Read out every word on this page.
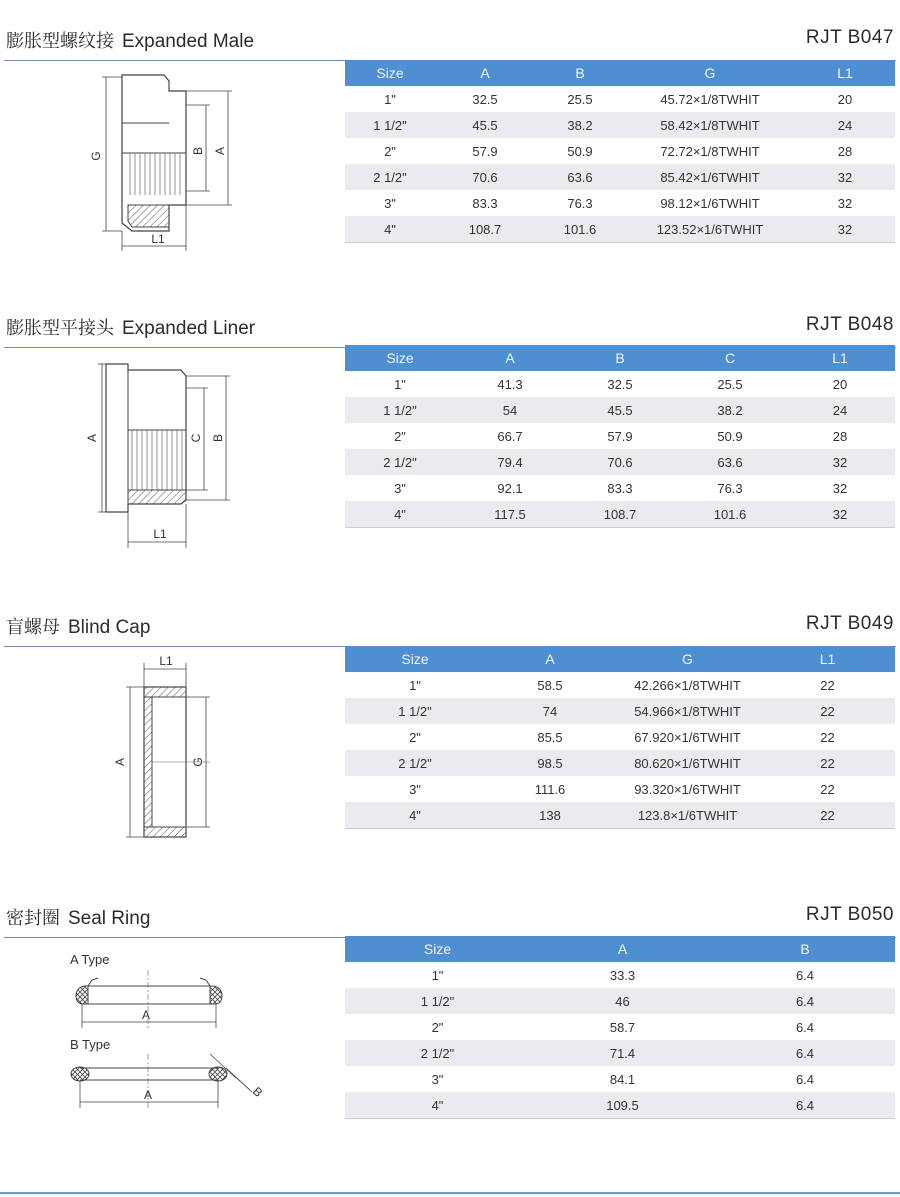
膨胀型螺纹接 Expanded Male	RJT B047
G
B A
L1
Size	A	B	G	L1
1"	32.5	25.5	45.72×1/8TWHIT	20
1 1/2"	45.5	38.2	58.42×1/8TWHIT	24
2"	57.9	50.9	72.72×1/8TWHIT	28
2 1/2"	70.6	63.6	85.42×1/6TWHIT	32
3"	83.3	76.3	98.12×1/6TWHIT	32
4"	108.7	101.6	123.52×1/6TWHIT	32
膨胀型平接头 Expanded Liner	RJT B048
A	C B
L1
Size	A	B	C	L1
1"	41.3	32.5	25.5	20
1 1/2"	54	45.5	38.2	24
2"	66.7	57.9	50.9	28
2 1/2"	79.4	70.6	63.6	32
3"	92.1	83.3	76.3	32
4"	117.5	108.7	101.6	32
盲螺母 Blind Cap	RJT B049
L1
A	G
Size	A	G	L1
1"	58.5	42.266×1/8TWHIT	22
1 1/2"	74	54.966×1/8TWHIT	22
2"	85.5	67.920×1/6TWHIT	22
2 1/2"	98.5	80.620×1/6TWHIT	22
3"	111.6	93.320×1/6TWHIT	22
4"	138	123.8×1/6TWHIT	22
密封圈 Seal Ring	RJT B050
A Type
A
B Type
A	B
Size	A	B
1"	33.3	6.4
1 1/2"	46	6.4
2"	58.7	6.4
2 1/2"	71.4	6.4
3"	84.1	6.4
4"	109.5	6.4
